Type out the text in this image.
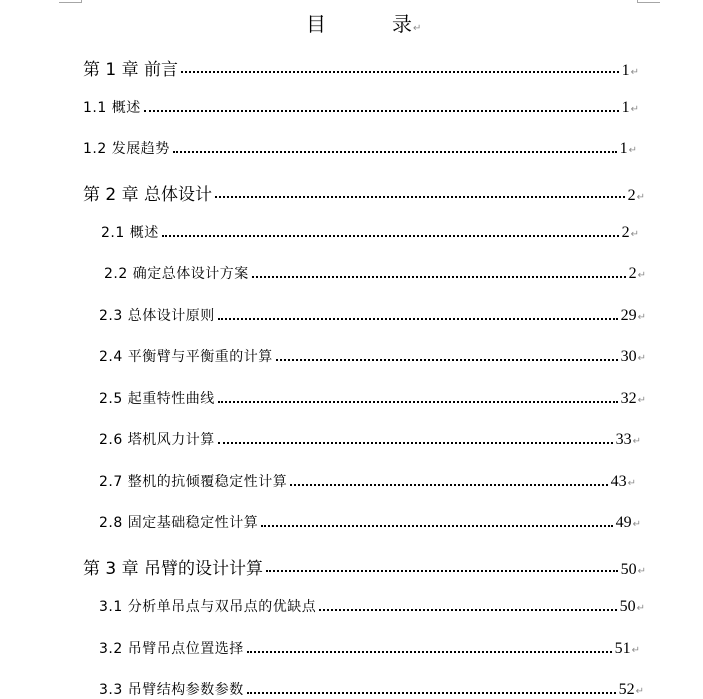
目	录↵
第 1 章 前言	1 ↵
1.1 概述	1 ↵
1.2 发展趋势	1 ↵
第 2 章 总体设计	2 ↵
2.1 概述	2 ↵
2.2 确定总体设计方案	2 ↵
2.3 总体设计原则	29 ↵
2.4 平衡臂与平衡重的计算	30 ↵
2.5 起重特性曲线	32 ↵
2.6 塔机风力计算	33 ↵
2.7 整机的抗倾覆稳定性计算	43 ↵
2.8 固定基础稳定性计算	49 ↵
第 3 章 吊臂的设计计算	50 ↵
3.1 分析单吊点与双吊点的优缺点	50 ↵
3.2 吊臂吊点位置选择	51 ↵
3.3 吊臂结构参数参数	52 ↵
